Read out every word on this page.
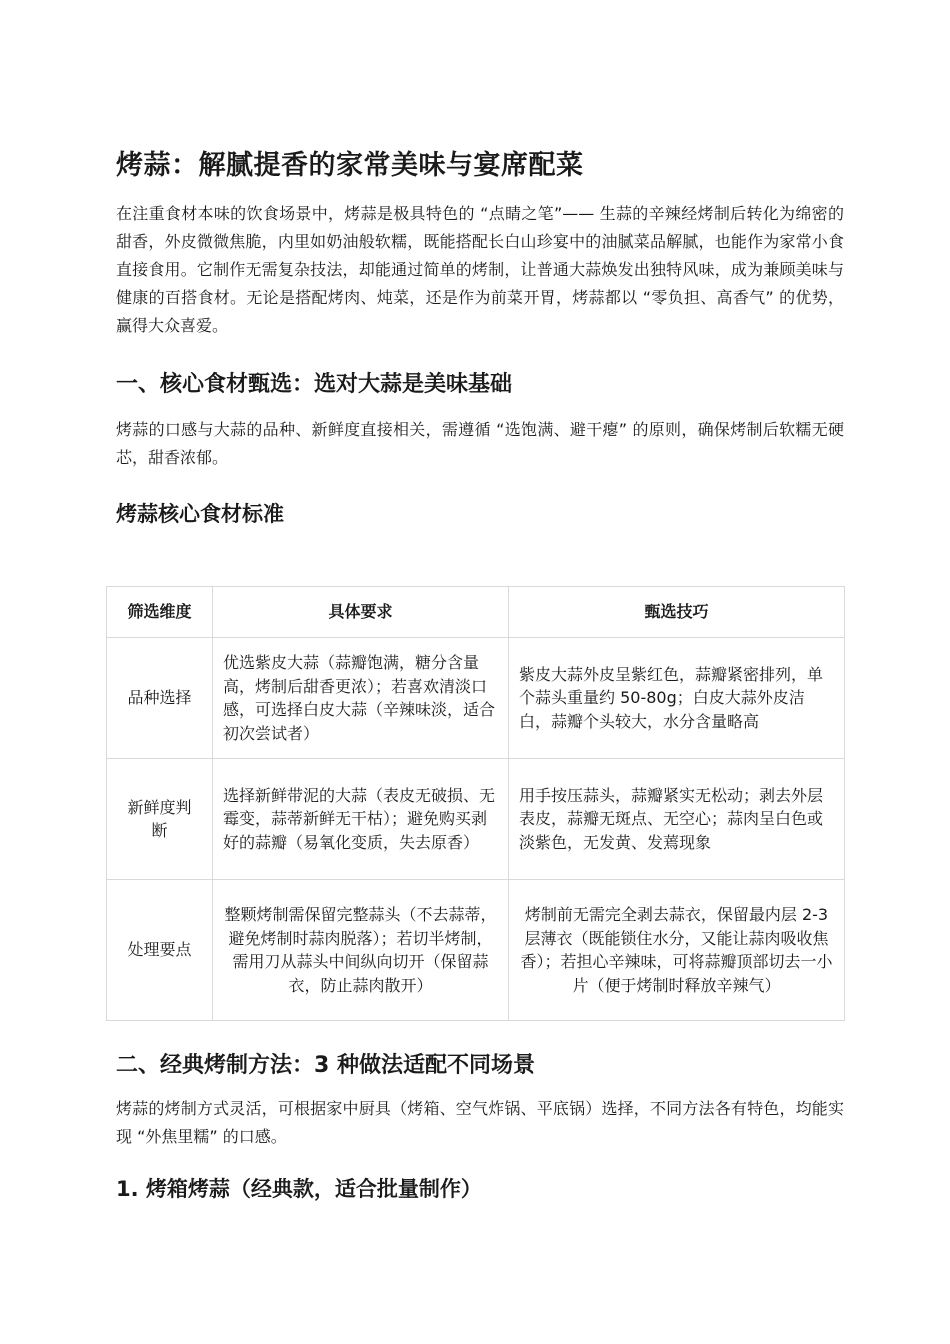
烤蒜：解腻提香的家常美味与宴席配菜

在注重食材本味的饮食场景中，烤蒜是极具特色的 “点睛之笔”—— 生蒜的辛辣经烤制后转化为绵密的甜香，外皮微微焦脆，内里如奶油般软糯，既能搭配长白山珍宴中的油腻菜品解腻，也能作为家常小食直接食用。它制作无需复杂技法，却能通过简单的烤制，让普通大蒜焕发出独特风味，成为兼顾美味与健康的百搭食材。无论是搭配烤肉、炖菜，还是作为前菜开胃，烤蒜都以 “零负担、高香气” 的优势，赢得大众喜爱。

一、核心食材甄选：选对大蒜是美味基础

烤蒜的口感与大蒜的品种、新鲜度直接相关，需遵循 “选饱满、避干瘪” 的原则，确保烤制后软糯无硬芯，甜香浓郁。

烤蒜核心食材标准
筛选维度	具体要求	甄选技巧
品种选择	优选紫皮大蒜（蒜瓣饱满，糖分含量高，烤制后甜香更浓）；若喜欢清淡口感，可选择白皮大蒜（辛辣味淡，适合初次尝试者）	紫皮大蒜外皮呈紫红色，蒜瓣紧密排列，单个蒜头重量约 50-80g；白皮大蒜外皮洁白，蒜瓣个头较大，水分含量略高
新鲜度判断	选择新鲜带泥的大蒜（表皮无破损、无霉变，蒜蒂新鲜无干枯）；避免购买剥好的蒜瓣（易氧化变质，失去原香）	用手按压蒜头，蒜瓣紧实无松动；剥去外层表皮，蒜瓣无斑点、无空心；蒜肉呈白色或淡紫色，无发黄、发蔫现象
处理要点	整颗烤制需保留完整蒜头（不去蒜蒂，避免烤制时蒜肉脱落）；若切半烤制，需用刀从蒜头中间纵向切开（保留蒜衣，防止蒜肉散开）	烤制前无需完全剥去蒜衣，保留最内层 2-3 层薄衣（既能锁住水分，又能让蒜肉吸收焦香）；若担心辛辣味，可将蒜瓣顶部切去一小片（便于烤制时释放辛辣气）
二、经典烤制方法：3 种做法适配不同场景

烤蒜的烤制方式灵活，可根据家中厨具（烤箱、空气炸锅、平底锅）选择，不同方法各有特色，均能实现 “外焦里糯” 的口感。

1. 烤箱烤蒜（经典款，适合批量制作）
